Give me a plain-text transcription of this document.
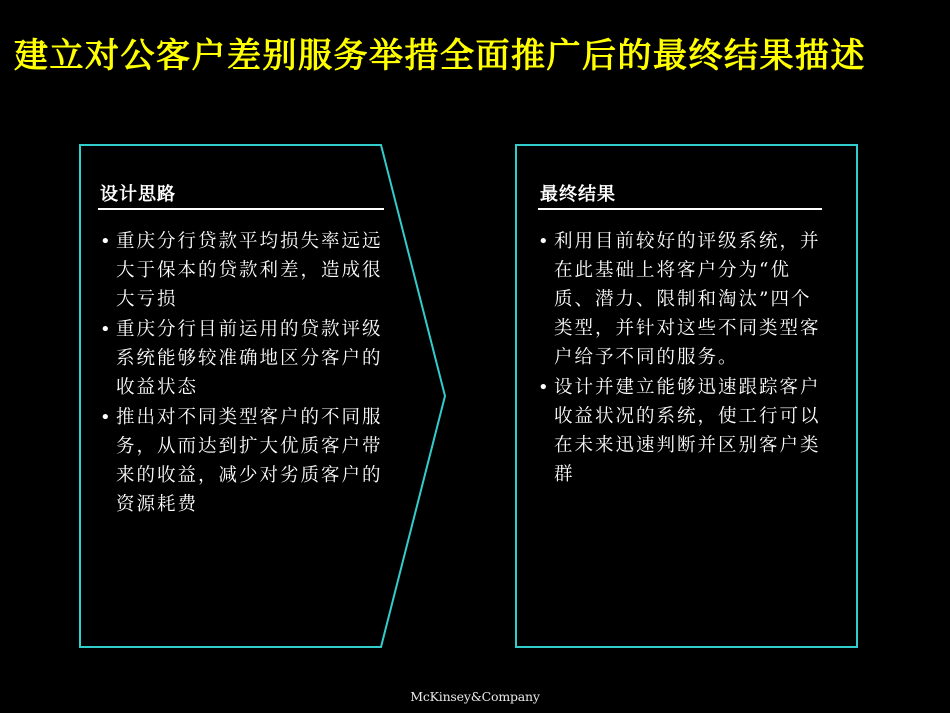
建立对公客户差别服务举措全面推广后的最终结果描述
设计思路
• 重庆分行贷款平均损失率远远大于保本的贷款利差，造成很大亏损
• 重庆分行目前运用的贷款评级系统能够较准确地区分客户的收益状态
• 推出对不同类型客户的不同服务，从而达到扩大优质客户带来的收益，减少对劣质客户的资源耗费
最终结果
• 利用目前较好的评级系统，并在此基础上将客户分为“优质、潜力、限制和淘汰”四个类型，并针对这些不同类型客户给予不同的服务。
• 设计并建立能够迅速跟踪客户收益状况的系统，使工行可以在未来迅速判断并区别客户类群
McKinsey&Company
